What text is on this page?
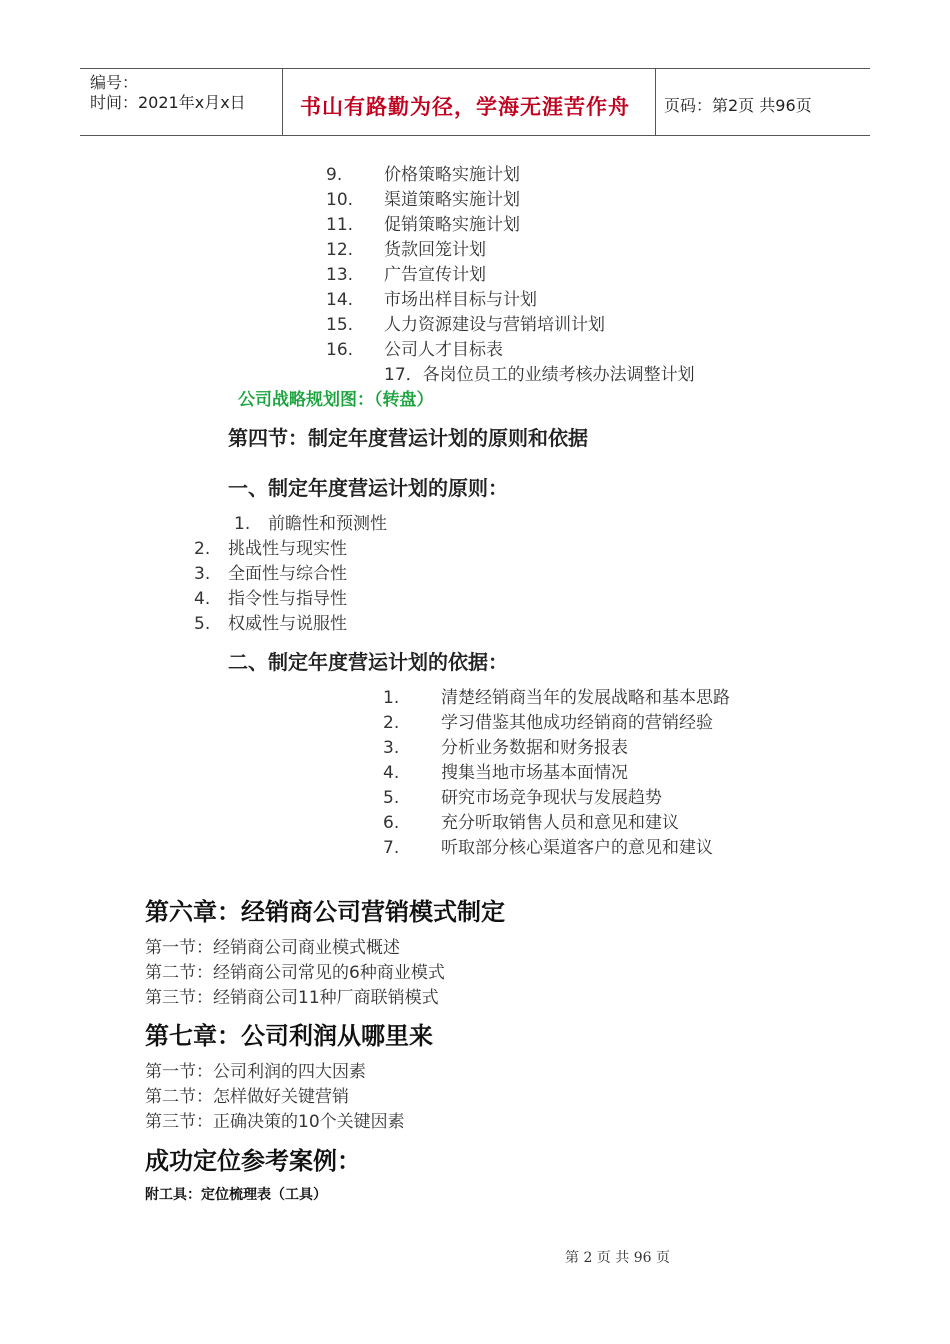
编号：
时间：2021年x月x日	书山有路勤为径，学海无涯苦作舟 页码：第2页 共96页
9. 价格策略实施计划
10. 渠道策略实施计划
11. 促销策略实施计划
12. 货款回笼计划
13. 广告宣传计划
14. 市场出样目标与计划
15. 人力资源建设与营销培训计划
16. 公司人才目标表
17．各岗位员工的业绩考核办法调整计划
公司战略规划图：（转盘）
第四节：制定年度营运计划的原则和依据
一、制定年度营运计划的原则：
1. 前瞻性和预测性
2. 挑战性与现实性
3. 全面性与综合性
4. 指令性与指导性
5. 权威性与说服性
二、制定年度营运计划的依据：
1. 清楚经销商当年的发展战略和基本思路
2. 学习借鉴其他成功经销商的营销经验
3. 分析业务数据和财务报表
4. 搜集当地市场基本面情况
5. 研究市场竞争现状与发展趋势
6. 充分听取销售人员和意见和建议
7. 听取部分核心渠道客户的意见和建议
第六章：经销商公司营销模式制定
第一节：经销商公司商业模式概述
第二节：经销商公司常见的6种商业模式
第三节：经销商公司11种厂商联销模式
第七章：公司利润从哪里来
第一节：公司利润的四大因素
第二节：怎样做好关键营销
第三节：正确决策的10个关键因素
成功定位参考案例：
附工具：定位梳理表（工具）
第 2 页 共 96 页
